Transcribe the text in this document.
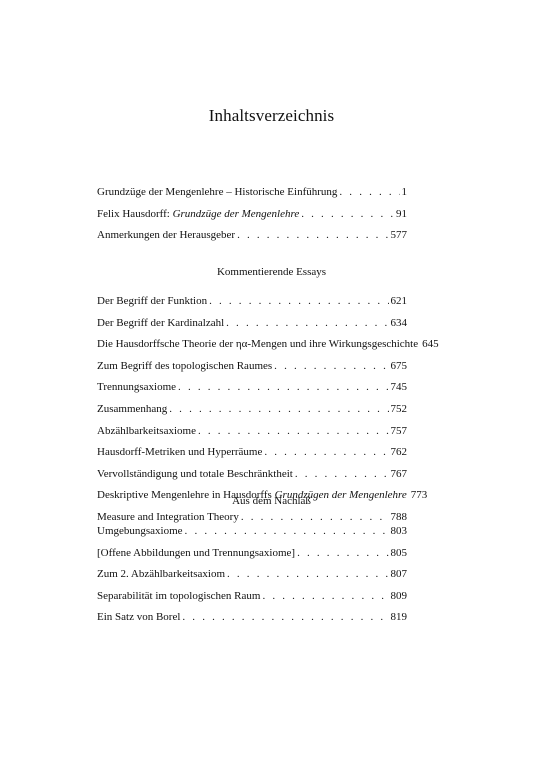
Inhaltsverzeichnis
Grundzüge der Mengenlehre – Historische Einführung . . .	1
Felix Hausdorff: Grundzüge der Mengenlehre . . .	91
Anmerkungen der Herausgeber . . .	577
Kommentierende Essays
Der Begriff der Funktion . . .	621
Der Begriff der Kardinalzahl . . .	634
Die Hausdorffsche Theorie der ηα-Mengen und ihre Wirkungsgeschichte 645
Zum Begriff des topologischen Raumes . . .	675
Trennungsaxiome . . .	745
Zusammenhang . . .	752
Abzählbarkeitsaxiome . . .	757
Hausdorff-Metriken und Hyperräume . . .	762
Vervollständigung und totale Beschränktheit . . .	767
Deskriptive Mengenlehre in Hausdorffs Grundzügen der Mengenlehre 773
Measure and Integration Theory . . .	788
Aus dem Nachlaß
Umgebungsaxiome . . .	803
[Offene Abbildungen und Trennungsaxiome] . . .	805
Zum 2. Abzählbarkeitsaxiom . . .	807
Separabilität im topologischen Raum . . .	809
Ein Satz von Borel . . .	819
